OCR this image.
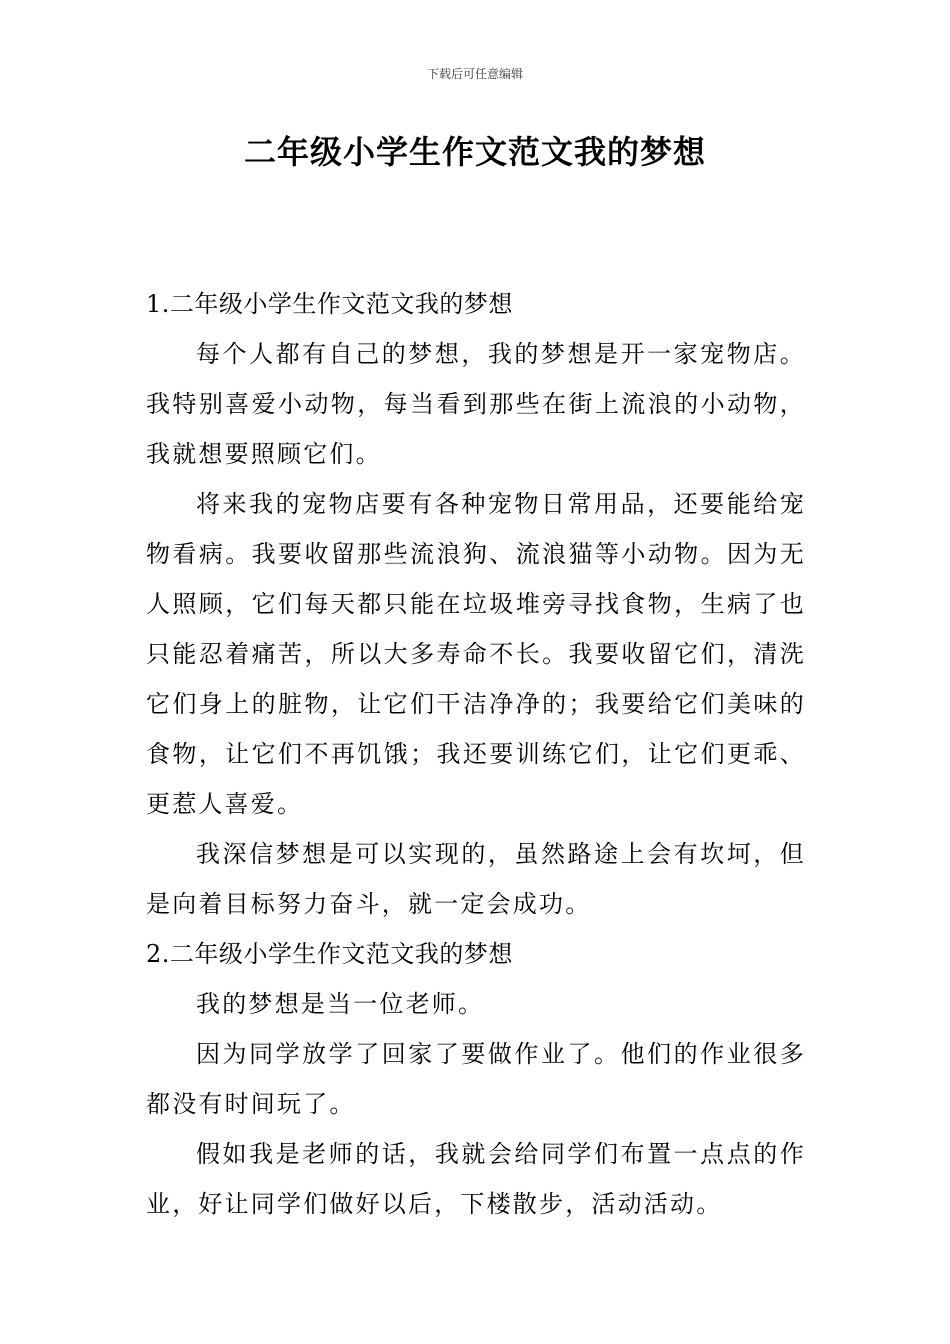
下载后可任意编辑
二年级小学生作文范文我的梦想

1.二年级小学生作文范文我的梦想

每个人都有自己的梦想，我的梦想是开一家宠物店。我特别喜爱小动物，每当看到那些在街上流浪的小动物，我就想要照顾它们。

将来我的宠物店要有各种宠物日常用品，还要能给宠物看病。我要收留那些流浪狗、流浪猫等小动物。因为无人照顾，它们每天都只能在垃圾堆旁寻找食物，生病了也只能忍着痛苦，所以大多寿命不长。我要收留它们，清洗它们身上的脏物，让它们干洁净净的；我要给它们美味的食物，让它们不再饥饿；我还要训练它们，让它们更乖、更惹人喜爱。

我深信梦想是可以实现的，虽然路途上会有坎坷，但是向着目标努力奋斗，就一定会成功。

2.二年级小学生作文范文我的梦想

我的梦想是当一位老师。

因为同学放学了回家了要做作业了。他们的作业很多都没有时间玩了。

假如我是老师的话，我就会给同学们布置一点点的作业，好让同学们做好以后，下楼散步，活动活动。
